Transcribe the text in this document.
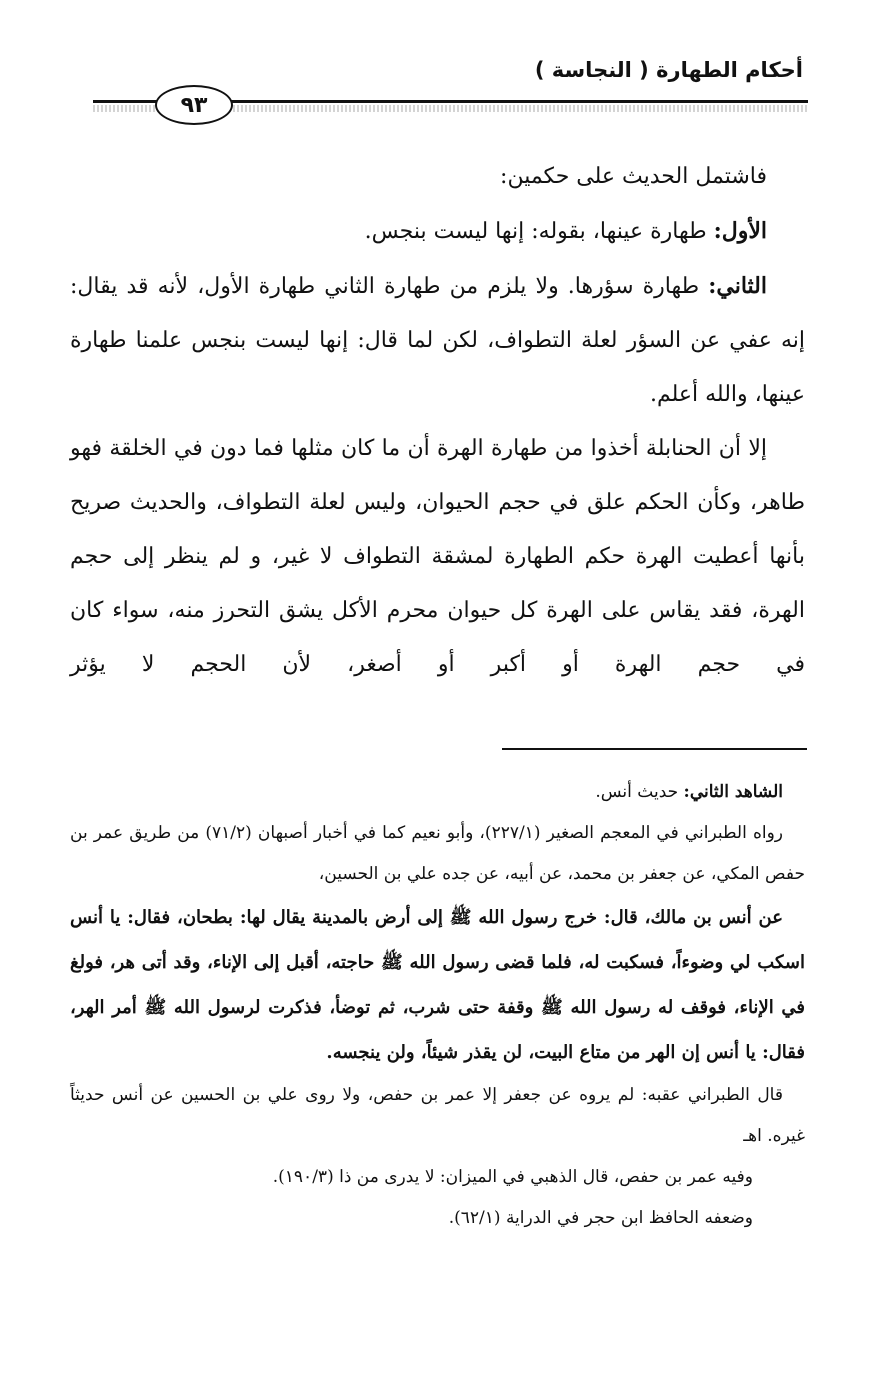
أحكام الطهارة ( النجاسة )
٩٣

فاشتمل الحديث على حكمين:

الأول: طهارة عينها، بقوله: إنها ليست بنجس.

الثاني: طهارة سؤرها. ولا يلزم من طهارة الثاني طهارة الأول، لأنه قد يقال: إنه عفي عن السؤر لعلة التطواف، لكن لما قال: إنها ليست بنجس علمنا طهارة عينها، والله أعلم.

إلا أن الحنابلة أخذوا من طهارة الهرة أن ما كان مثلها فما دون في الخلقة فهو طاهر، وكأن الحكم علق في حجم الحيوان، وليس لعلة التطواف، والحديث صريح بأنها أعطيت الهرة حكم الطهارة لمشقة التطواف لا غير، و لم ينظر إلى حجم الهرة، فقد يقاس على الهرة كل حيوان محرم الأكل يشق التحرز منه، سواء كان في حجم الهرة أو أكبر أو أصغر، لأن الحجم لا يؤثر

الشاهد الثاني: حديث أنس.

رواه الطبراني في المعجم الصغير (٢٢٧/١)، وأبو نعيم كما في أخبار أصبهان (٧١/٢) من طريق عمر بن حفص المكي، عن جعفر بن محمد، عن أبيه، عن جده علي بن الحسين،

عن أنس بن مالك، قال: خرج رسول الله ﷺ إلى أرض بالمدينة يقال لها: بطحان، فقال: يا أنس اسكب لي وضوءاً، فسكبت له، فلما قضى رسول الله ﷺ حاجته، أقبل إلى الإناء، وقد أتى هر، فولغ في الإناء، فوقف له رسول الله ﷺ وقفة حتى شرب، ثم توضأ، فذكرت لرسول الله ﷺ أمر الهر، فقال: يا أنس إن الهر من متاع البيت، لن يقذر شيئاً، ولن ينجسه.

قال الطبراني عقبه: لم يروه عن جعفر إلا عمر بن حفص، ولا روى علي بن الحسين عن أنس حديثاً غيره. اهـ

وفيه عمر بن حفص، قال الذهبي في الميزان: لا يدرى من ذا (١٩٠/٣).

وضعفه الحافظ ابن حجر في الدراية (٦٢/١).
